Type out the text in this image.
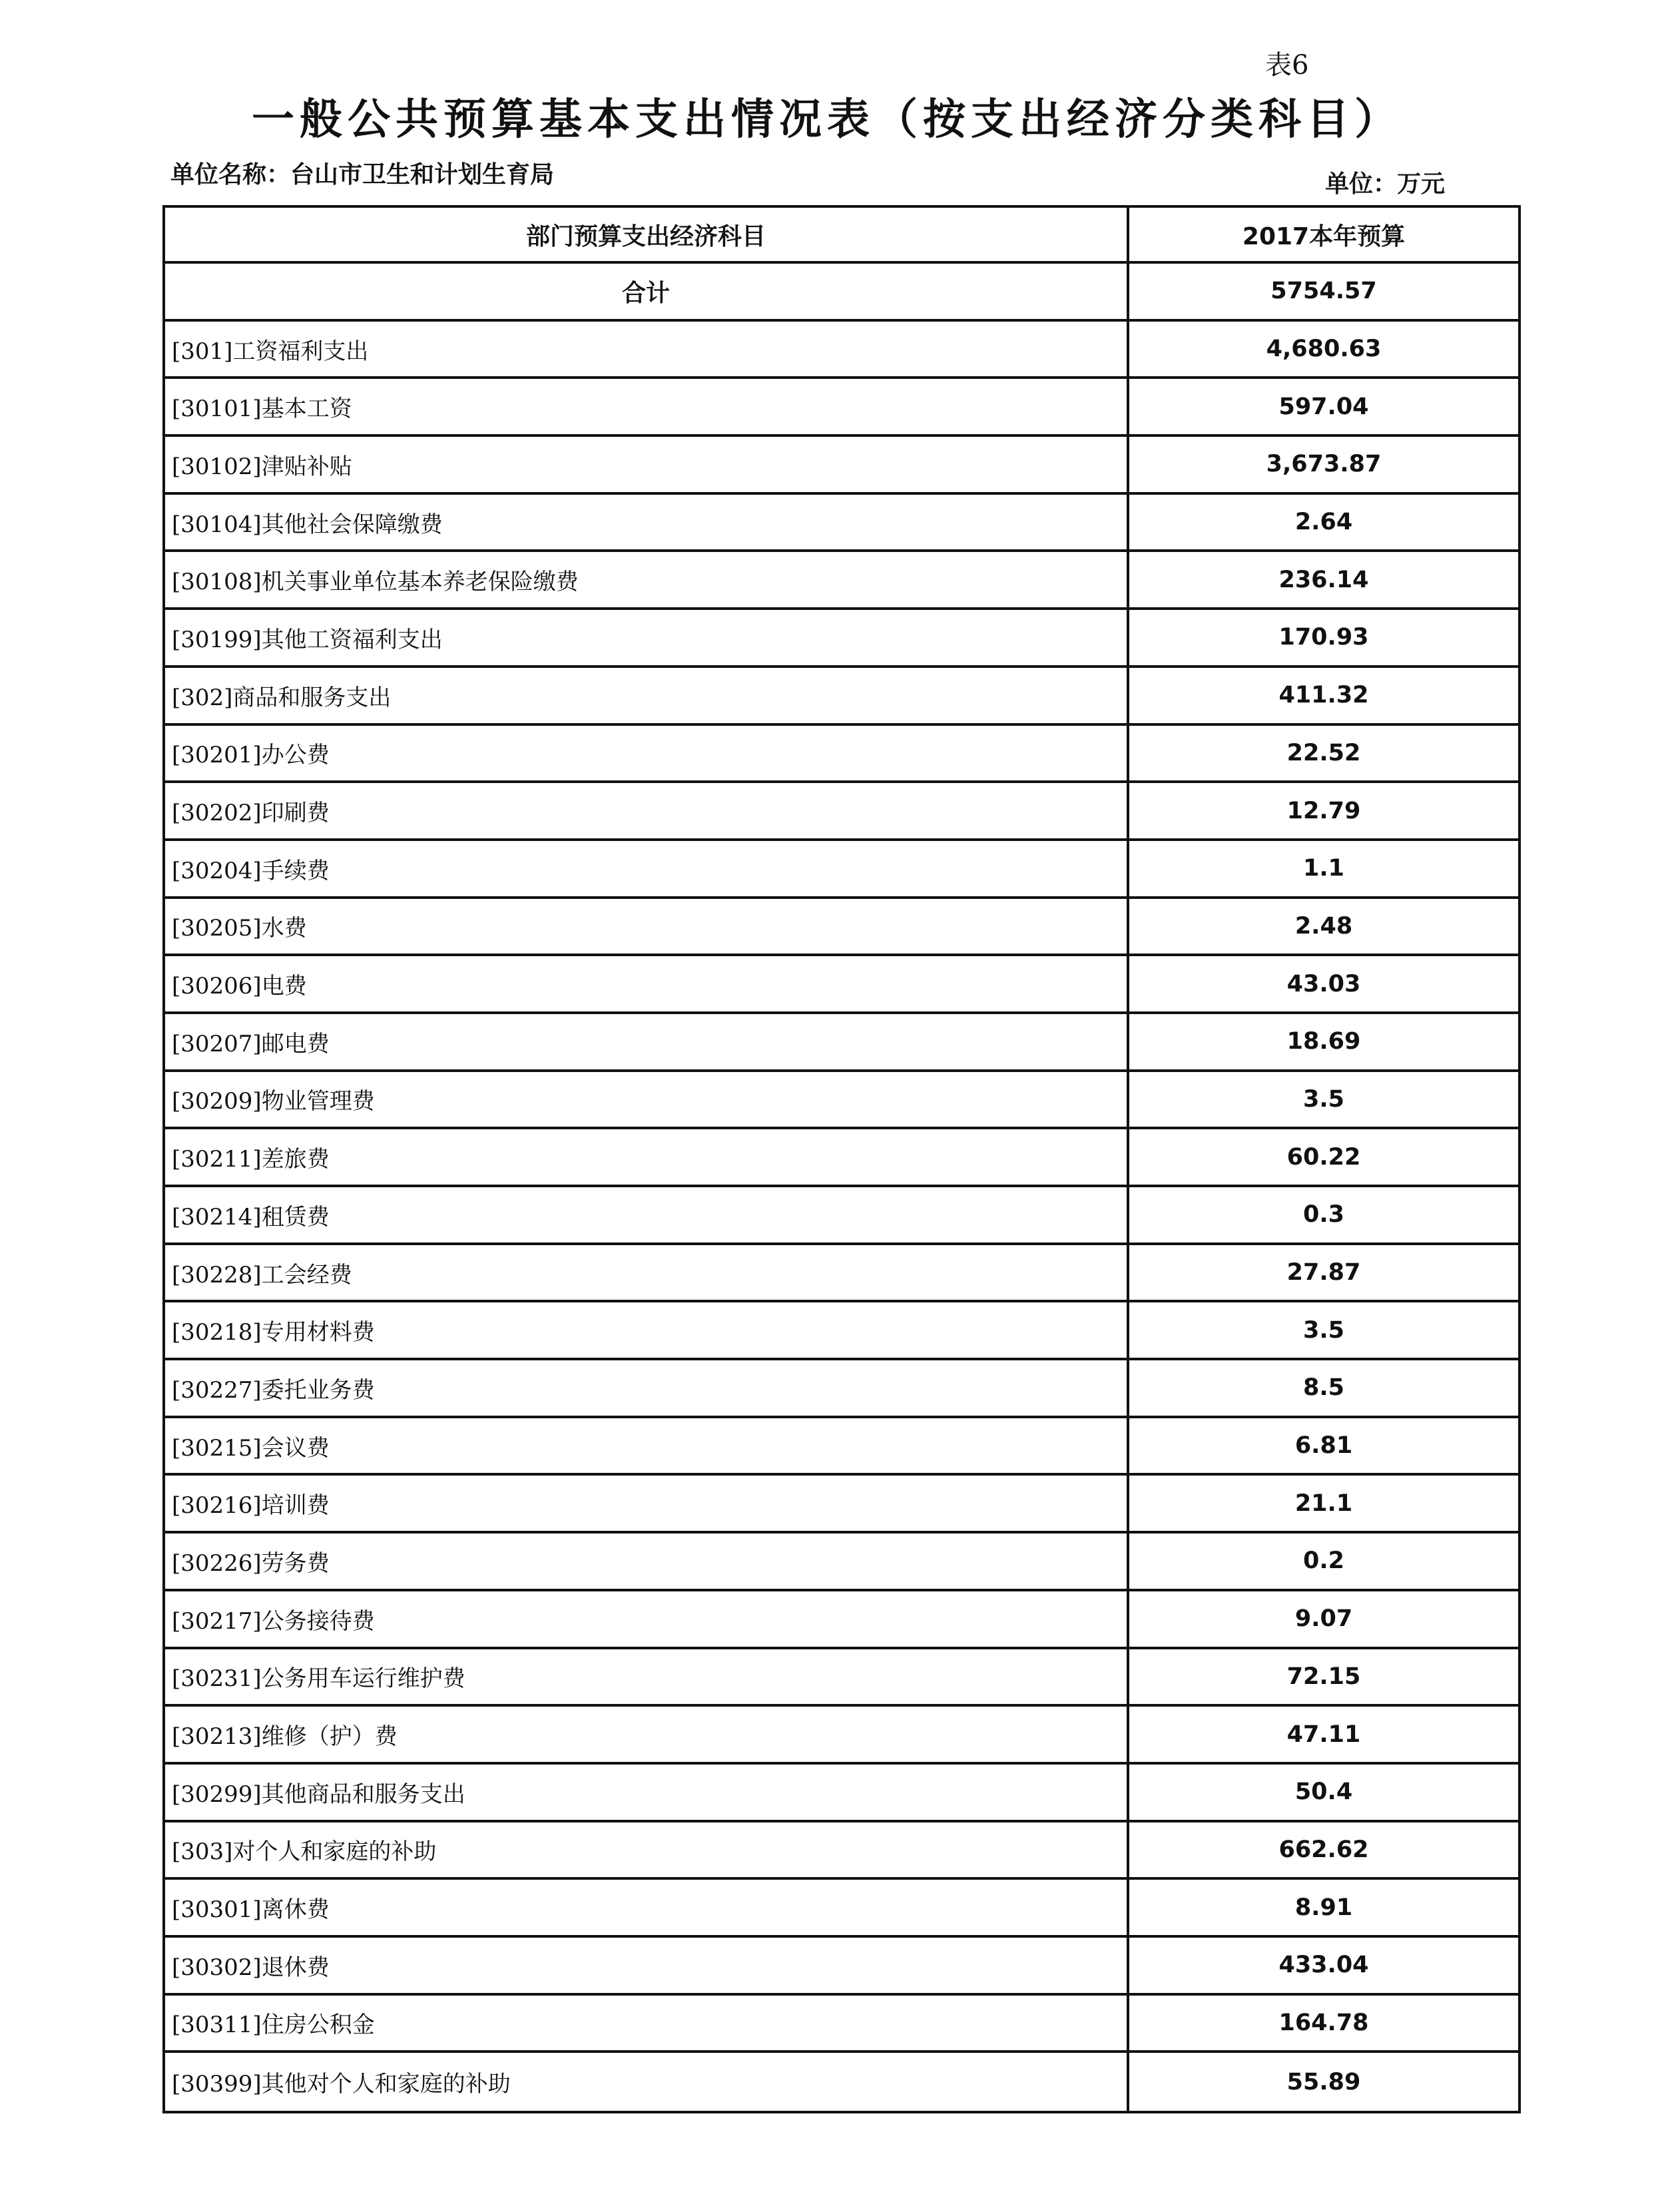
表6
一般公共预算基本支出情况表（按支出经济分类科目）
单位名称：台山市卫生和计划生育局	单位：万元
部门预算支出经济科目	2017本年预算
合计	5754.57
[301]工资福利支出	4,680.63
[30101]基本工资	597.04
[30102]津贴补贴	3,673.87
[30104]其他社会保障缴费	2.64
[30108]机关事业单位基本养老保险缴费	236.14
[30199]其他工资福利支出	170.93
[302]商品和服务支出	411.32
[30201]办公费	22.52
[30202]印刷费	12.79
[30204]手续费	1.1
[30205]水费	2.48
[30206]电费	43.03
[30207]邮电费	18.69
[30209]物业管理费	3.5
[30211]差旅费	60.22
[30214]租赁费	0.3
[30228]工会经费	27.87
[30218]专用材料费	3.5
[30227]委托业务费	8.5
[30215]会议费	6.81
[30216]培训费	21.1
[30226]劳务费	0.2
[30217]公务接待费	9.07
[30231]公务用车运行维护费	72.15
[30213]维修（护）费	47.11
[30299]其他商品和服务支出	50.4
[303]对个人和家庭的补助	662.62
[30301]离休费	8.91
[30302]退休费	433.04
[30311]住房公积金	164.78
[30399]其他对个人和家庭的补助	55.89
